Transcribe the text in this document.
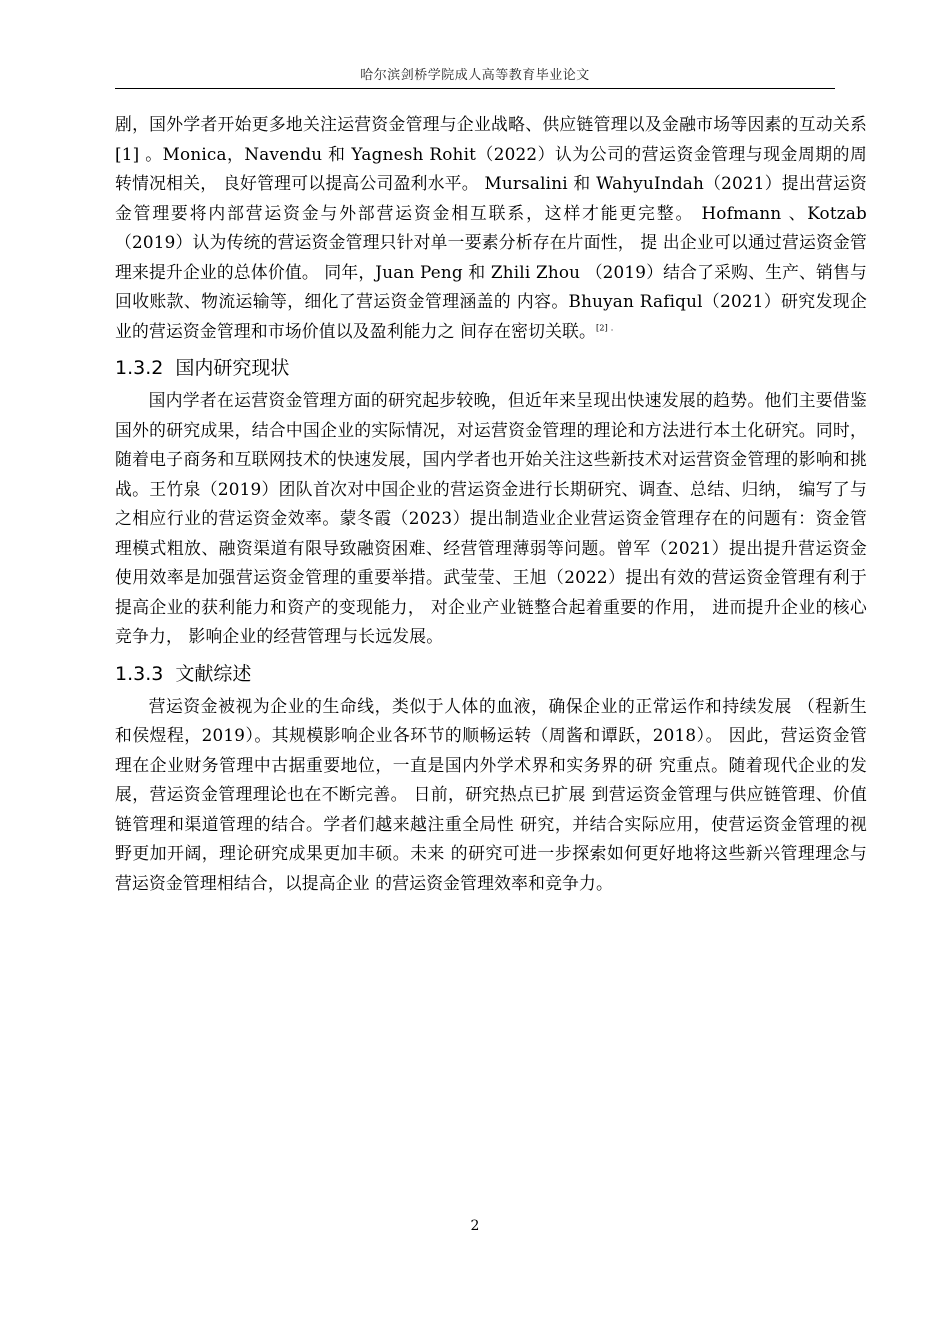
哈尔滨剑桥学院成人高等教育毕业论文

剧，国外学者开始更多地关注运营资金管理与企业战略、供应链管理以及金融市场等因素的互动关系[1] 。Monica，Navendu 和 Yagnesh Rohit（2022）认为公司的营运资金管理与现金周期的周转情况相关， 良好管理可以提高公司盈利水平。 Mursalini 和 WahyuIndah（2021）提出营运资金管理要将内部营运资金与外部营运资金相互联系，这样才能更完整。 Hofmann 、Kotzab（2019）认为传统的营运资金管理只针对单一要素分析存在片面性， 提 出企业可以通过营运资金管理来提升企业的总体价值。 同年，Juan Peng 和 Zhili Zhou （2019）结合了采购、生产、销售与回收账款、物流运输等，细化了营运资金管理涵盖的 内容。Bhuyan Rafiqul（2021）研究发现企业的营运资金管理和市场价值以及盈利能力之 间存在密切关联。$^{[2] .}$

1.3.2 国内研究现状

国内学者在运营资金管理方面的研究起步较晚，但近年来呈现出快速发展的趋势。他们主要借鉴国外的研究成果，结合中国企业的实际情况，对运营资金管理的理论和方法进行本土化研究。同时，随着电子商务和互联网技术的快速发展，国内学者也开始关注这些新技术对运营资金管理的影响和挑战。王竹泉（2019）团队首次对中国企业的营运资金进行长期研究、调查、总结、归纳， 编写了与之相应行业的营运资金效率。蒙冬霞（2023）提出制造业企业营运资金管理存在的问题有：资金管理模式粗放、融资渠道有限导致融资困难、经营管理薄弱等问题。曾军（2021）提出提升营运资金使用效率是加强营运资金管理的重要举措。武莹莹、王旭（2022）提出有效的营运资金管理有利于提高企业的获利能力和资产的变现能力， 对企业产业链整合起着重要的作用， 进而提升企业的核心竞争力， 影响企业的经营管理与长远发展。

1.3.3 文献综述

营运资金被视为企业的生命线，类似于人体的血液，确保企业的正常运作和持续发展 （程新生和侯煜程，2019）。其规模影响企业各环节的顺畅运转（周酱和谭跃，2018）。 因此，营运资金管理在企业财务管理中古据重要地位，一直是国内外学术界和实务界的研 究重点。随着现代企业的发展，营运资金管理理论也在不断完善。 日前，研究热点已扩展 到营运资金管理与供应链管理、价值链管理和渠道管理的结合。学者们越来越注重全局性 研究，并结合实际应用，使营运资金管理的视野更加开阔，理论研究成果更加丰硕。未来 的研究可进一步探索如何更好地将这些新兴管理理念与营运资金管理相结合，以提高企业 的营运资金管理效率和竞争力。

2
